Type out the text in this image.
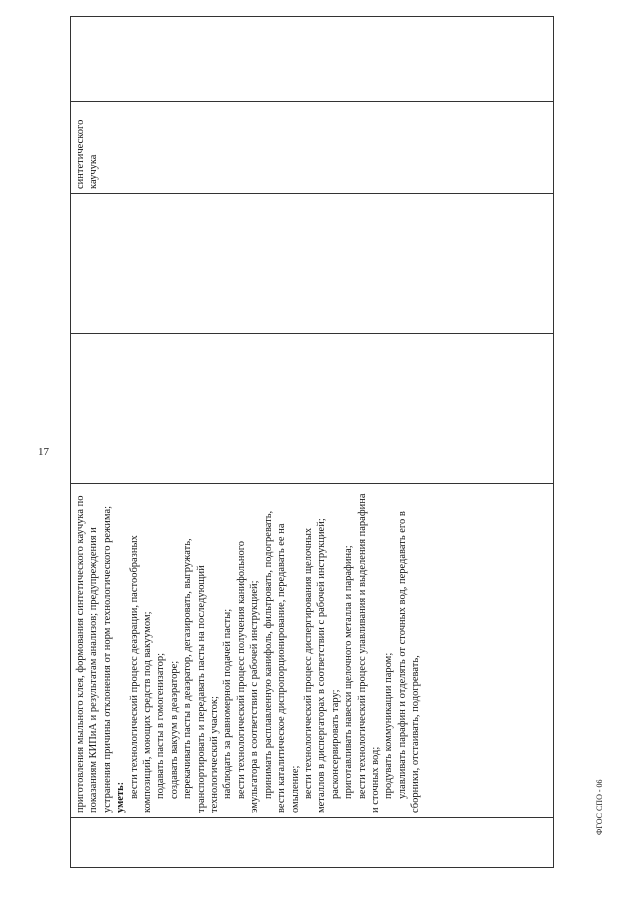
17
ФГОС СПО - 06
приготовления мыльного клея, формования синтетического каучука по показаниям КИПиА и результатам анализов; предупреждения и устранения причины отклонения от норм технологического режима; уметь: вести технологический процесс деаэрации, пастообразных композиций, моющих средств под вакуумом; подавать пасты в гомогенизатор; создавать вакуум в деаэраторе; перекачивать пасты в деаэратор, дегазировать, выгружать, транспортировать и передавать пасты на последующий технологический участок; наблюдать за равномерной подачей пасты; вести технологический процесс получения канифольного эмульгатора в соответствии с рабочей инструкцией; принимать расплавленную канифоль, фильтровать, подогревать, вести каталитическое диспропорционирование, передавать ее на омыление; вести технологический процесс диспергирования щелочных металлов в диспергаторах в соответствии с рабочей инструкцией; расконсервировать тару; приготавливать навески щелочного металла и парафина; вести технологический процесс улавливания и выделения парафина и сточных вод; продувать коммуникации паром; улавливать парафин и отделять от сточных вод, передавать его в сборники, отстаивать, подогревать,
синтетического каучука
